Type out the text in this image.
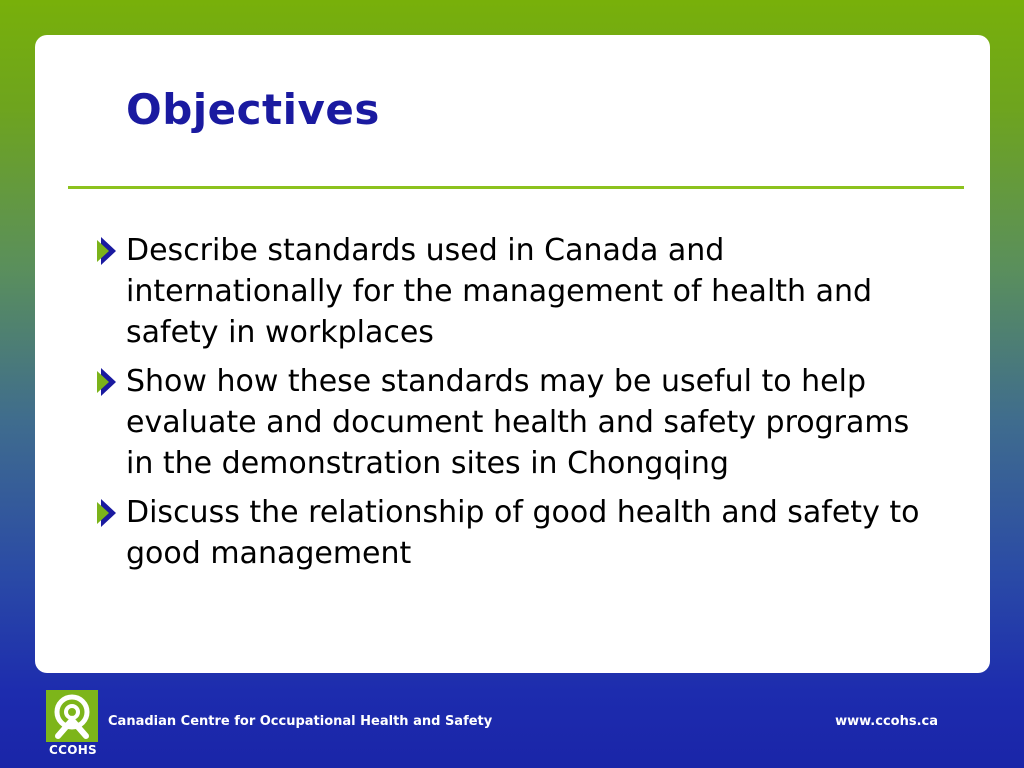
Objectives
Describe standards used in Canada and internationally for the management of health and safety in workplaces
Show how these standards may be useful to help evaluate and document health and safety programs in the demonstration sites in Chongqing
Discuss the relationship of good health and safety to good management
CCOHS
Canadian Centre for Occupational Health and Safety	www.ccohs.ca
